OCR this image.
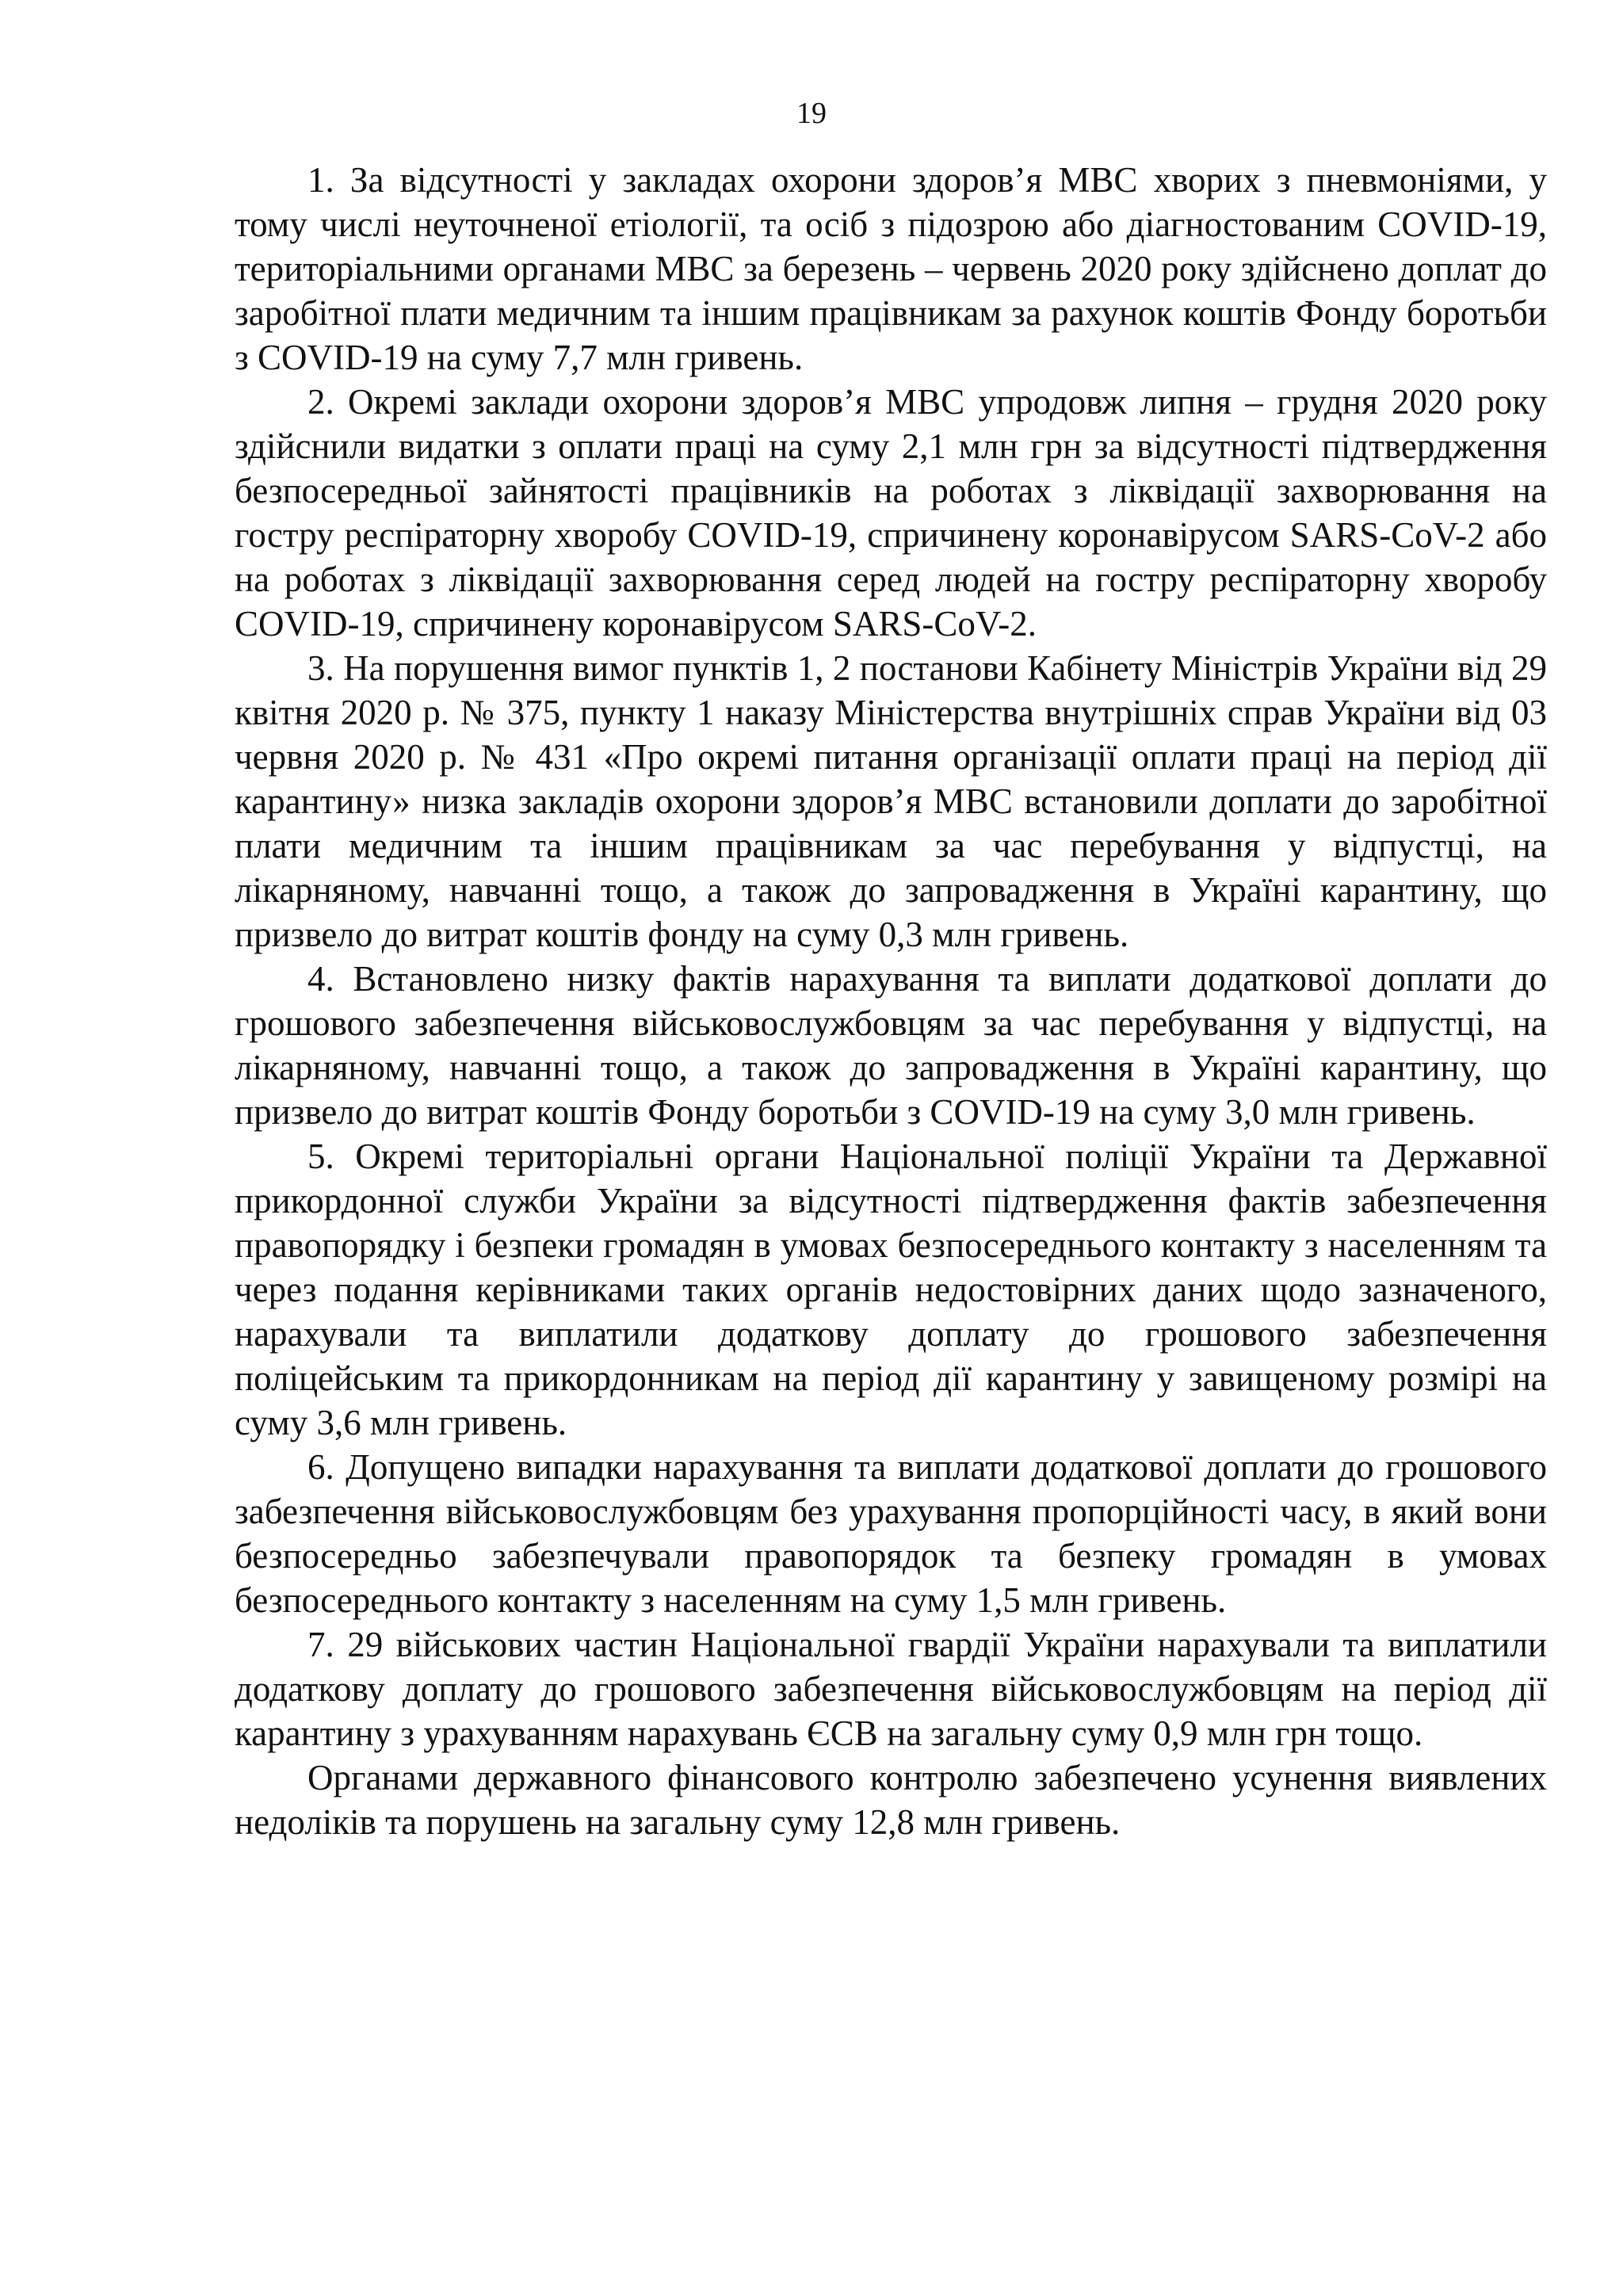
19

1. За відсутності у закладах охорони здоров’я МВС хворих з пневмоніями, у тому числі неуточненої етіології, та осіб з підозрою або діагностованим COVID-19, територіальними органами МВС за березень – червень 2020 року здійснено доплат до заробітної плати медичним та іншим працівникам за рахунок коштів Фонду боротьби з COVID-19 на суму 7,7 млн гривень.

2. Окремі заклади охорони здоров’я МВС упродовж липня – грудня 2020 року здійснили видатки з оплати праці на суму 2,1 млн грн за відсутності підтвердження безпосередньої зайнятості працівників на роботах з ліквідації захворювання на гостру респіраторну хворобу COVID-19, спричинену коронавірусом SARS-CoV-2 або на роботах з ліквідації захворювання серед людей на гостру респіраторну хворобу COVID-19, спричинену коронавірусом SARS-CoV-2.

3. На порушення вимог пунктів 1, 2 постанови Кабінету Міністрів України від 29 квітня 2020 р. № 375, пункту 1 наказу Міністерства внутрішніх справ України від 03 червня 2020 р. № 431 «Про окремі питання організації оплати праці на період дії карантину» низка закладів охорони здоров’я МВС встановили доплати до заробітної плати медичним та іншим працівникам за час перебування у відпустці, на лікарняному, навчанні тощо, а також до запровадження в Україні карантину, що призвело до витрат коштів фонду на суму 0,3 млн гривень.

4. Встановлено низку фактів нарахування та виплати додаткової доплати до грошового забезпечення військовослужбовцям за час перебування у відпустці, на лікарняному, навчанні тощо, а також до запровадження в Україні карантину, що призвело до витрат коштів Фонду боротьби з COVID-19 на суму 3,0 млн гривень.

5. Окремі територіальні органи Національної поліції України та Державної прикордонної служби України за відсутності підтвердження фактів забезпечення правопорядку і безпеки громадян в умовах безпосереднього контакту з населенням та через подання керівниками таких органів недостовірних даних щодо зазначеного, нарахували та виплатили додаткову доплату до грошового забезпечення поліцейським та прикордонникам на період дії карантину у завищеному розмірі на суму 3,6 млн гривень.

6. Допущено випадки нарахування та виплати додаткової доплати до грошового забезпечення військовослужбовцям без урахування пропорційності часу, в який вони безпосередньо забезпечували правопорядок та безпеку громадян в умовах безпосереднього контакту з населенням на суму 1,5 млн гривень.

7. 29 військових частин Національної гвардії України нарахували та виплатили додаткову доплату до грошового забезпечення військовослужбовцям на період дії карантину з урахуванням нарахувань ЄСВ на загальну суму 0,9 млн грн тощо.

Органами державного фінансового контролю забезпечено усунення виявлених недоліків та порушень на загальну суму 12,8 млн гривень.
